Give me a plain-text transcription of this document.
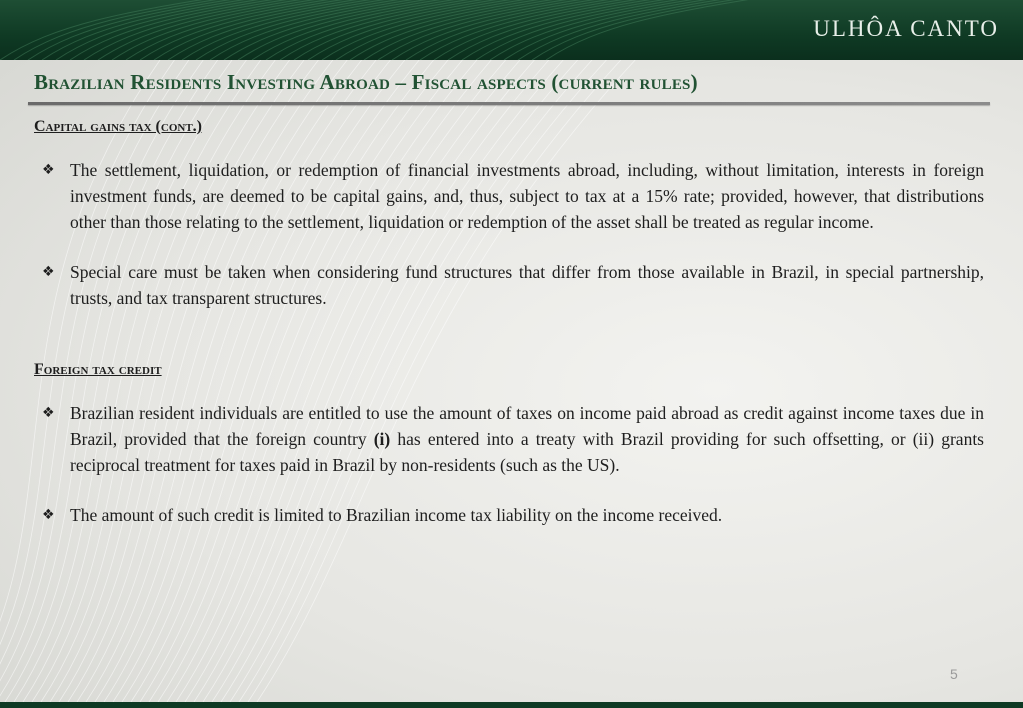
ULHÔA CANTO
Brazilian Residents Investing Abroad – Fiscal aspects (current rules)
Capital gains tax (cont.)
❖ The settlement, liquidation, or redemption of financial investments abroad, including, without limitation, interests in foreign investment funds, are deemed to be capital gains, and, thus, subject to tax at a 15% rate; provided, however, that distributions other than those relating to the settlement, liquidation or redemption of the asset shall be treated as regular income.
❖ Special care must be taken when considering fund structures that differ from those available in Brazil, in special partnership, trusts, and tax transparent structures.
Foreign tax credit
❖ Brazilian resident individuals are entitled to use the amount of taxes on income paid abroad as credit against income taxes due in Brazil, provided that the foreign country (i) has entered into a treaty with Brazil providing for such offsetting, or (ii) grants reciprocal treatment for taxes paid in Brazil by non-residents (such as the US).
❖ The amount of such credit is limited to Brazilian income tax liability on the income received.
5
